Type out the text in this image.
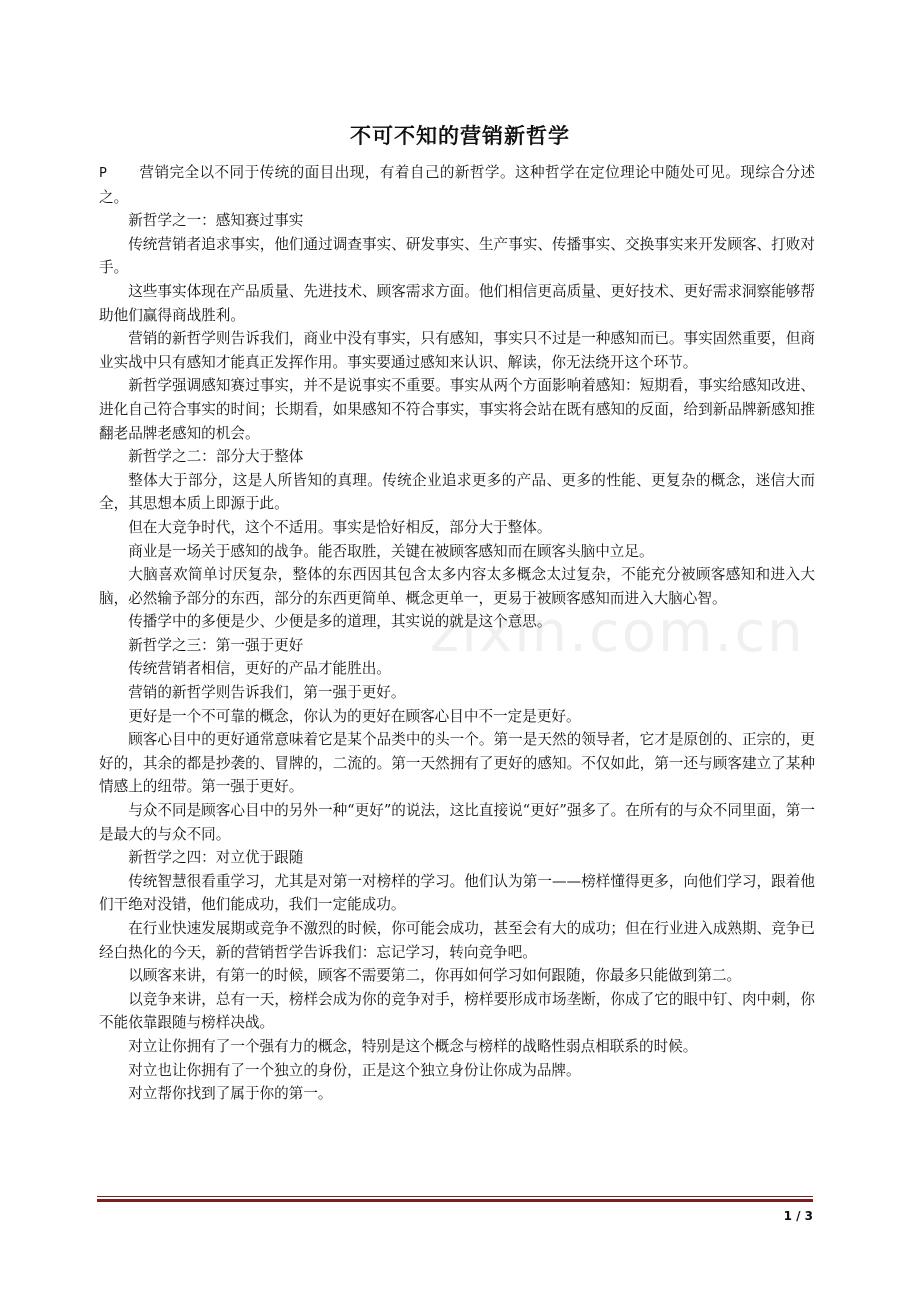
不可不知的营销新哲学
zixin.com.cn

P 营销完全以不同于传统的面目出现，有着自己的新哲学。这种哲学在定位理论中随处可见。现综合分述之。

新哲学之一：感知赛过事实

传统营销者追求事实，他们通过调查事实、研发事实、生产事实、传播事实、交换事实来开发顾客、打败对手。

这些事实体现在产品质量、先进技术、顾客需求方面。他们相信更高质量、更好技术、更好需求洞察能够帮助他们赢得商战胜利。

营销的新哲学则告诉我们，商业中没有事实，只有感知，事实只不过是一种感知而已。事实固然重要，但商业实战中只有感知才能真正发挥作用。事实要通过感知来认识、解读，你无法绕开这个环节。

新哲学强调感知赛过事实，并不是说事实不重要。事实从两个方面影响着感知：短期看，事实给感知改进、进化自己符合事实的时间；长期看，如果感知不符合事实，事实将会站在既有感知的反面，给到新品牌新感知推翻老品牌老感知的机会。

新哲学之二：部分大于整体

整体大于部分，这是人所皆知的真理。传统企业追求更多的产品、更多的性能、更复杂的概念，迷信大而全，其思想本质上即源于此。

但在大竞争时代，这个不适用。事实是恰好相反，部分大于整体。

商业是一场关于感知的战争。能否取胜，关键在被顾客感知而在顾客头脑中立足。

大脑喜欢简单讨厌复杂，整体的东西因其包含太多内容太多概念太过复杂，不能充分被顾客感知和进入大脑，必然输予部分的东西，部分的东西更简单、概念更单一，更易于被顾客感知而进入大脑心智。

传播学中的多便是少、少便是多的道理，其实说的就是这个意思。

新哲学之三：第一强于更好

传统营销者相信，更好的产品才能胜出。

营销的新哲学则告诉我们，第一强于更好。

更好是一个不可靠的概念，你认为的更好在顾客心目中不一定是更好。

顾客心目中的更好通常意味着它是某个品类中的头一个。第一是天然的领导者，它才是原创的、正宗的，更好的，其余的都是抄袭的、冒牌的，二流的。第一天然拥有了更好的感知。不仅如此，第一还与顾客建立了某种情感上的纽带。第一强于更好。

与众不同是顾客心目中的另外一种“更好”的说法，这比直接说“更好”强多了。在所有的与众不同里面，第一是最大的与众不同。

新哲学之四：对立优于跟随

传统智慧很看重学习，尤其是对第一对榜样的学习。他们认为第一——榜样懂得更多，向他们学习，跟着他们干绝对没错，他们能成功，我们一定能成功。

在行业快速发展期或竞争不激烈的时候，你可能会成功，甚至会有大的成功；但在行业进入成熟期、竞争已经白热化的今天，新的营销哲学告诉我们：忘记学习，转向竞争吧。

以顾客来讲，有第一的时候，顾客不需要第二，你再如何学习如何跟随，你最多只能做到第二。

以竞争来讲，总有一天，榜样会成为你的竞争对手，榜样要形成市场垄断，你成了它的眼中钉、肉中刺，你不能依靠跟随与榜样决战。

对立让你拥有了一个强有力的概念，特别是这个概念与榜样的战略性弱点相联系的时候。

对立也让你拥有了一个独立的身份，正是这个独立身份让你成为品牌。

对立帮你找到了属于你的第一。

1 / 3
